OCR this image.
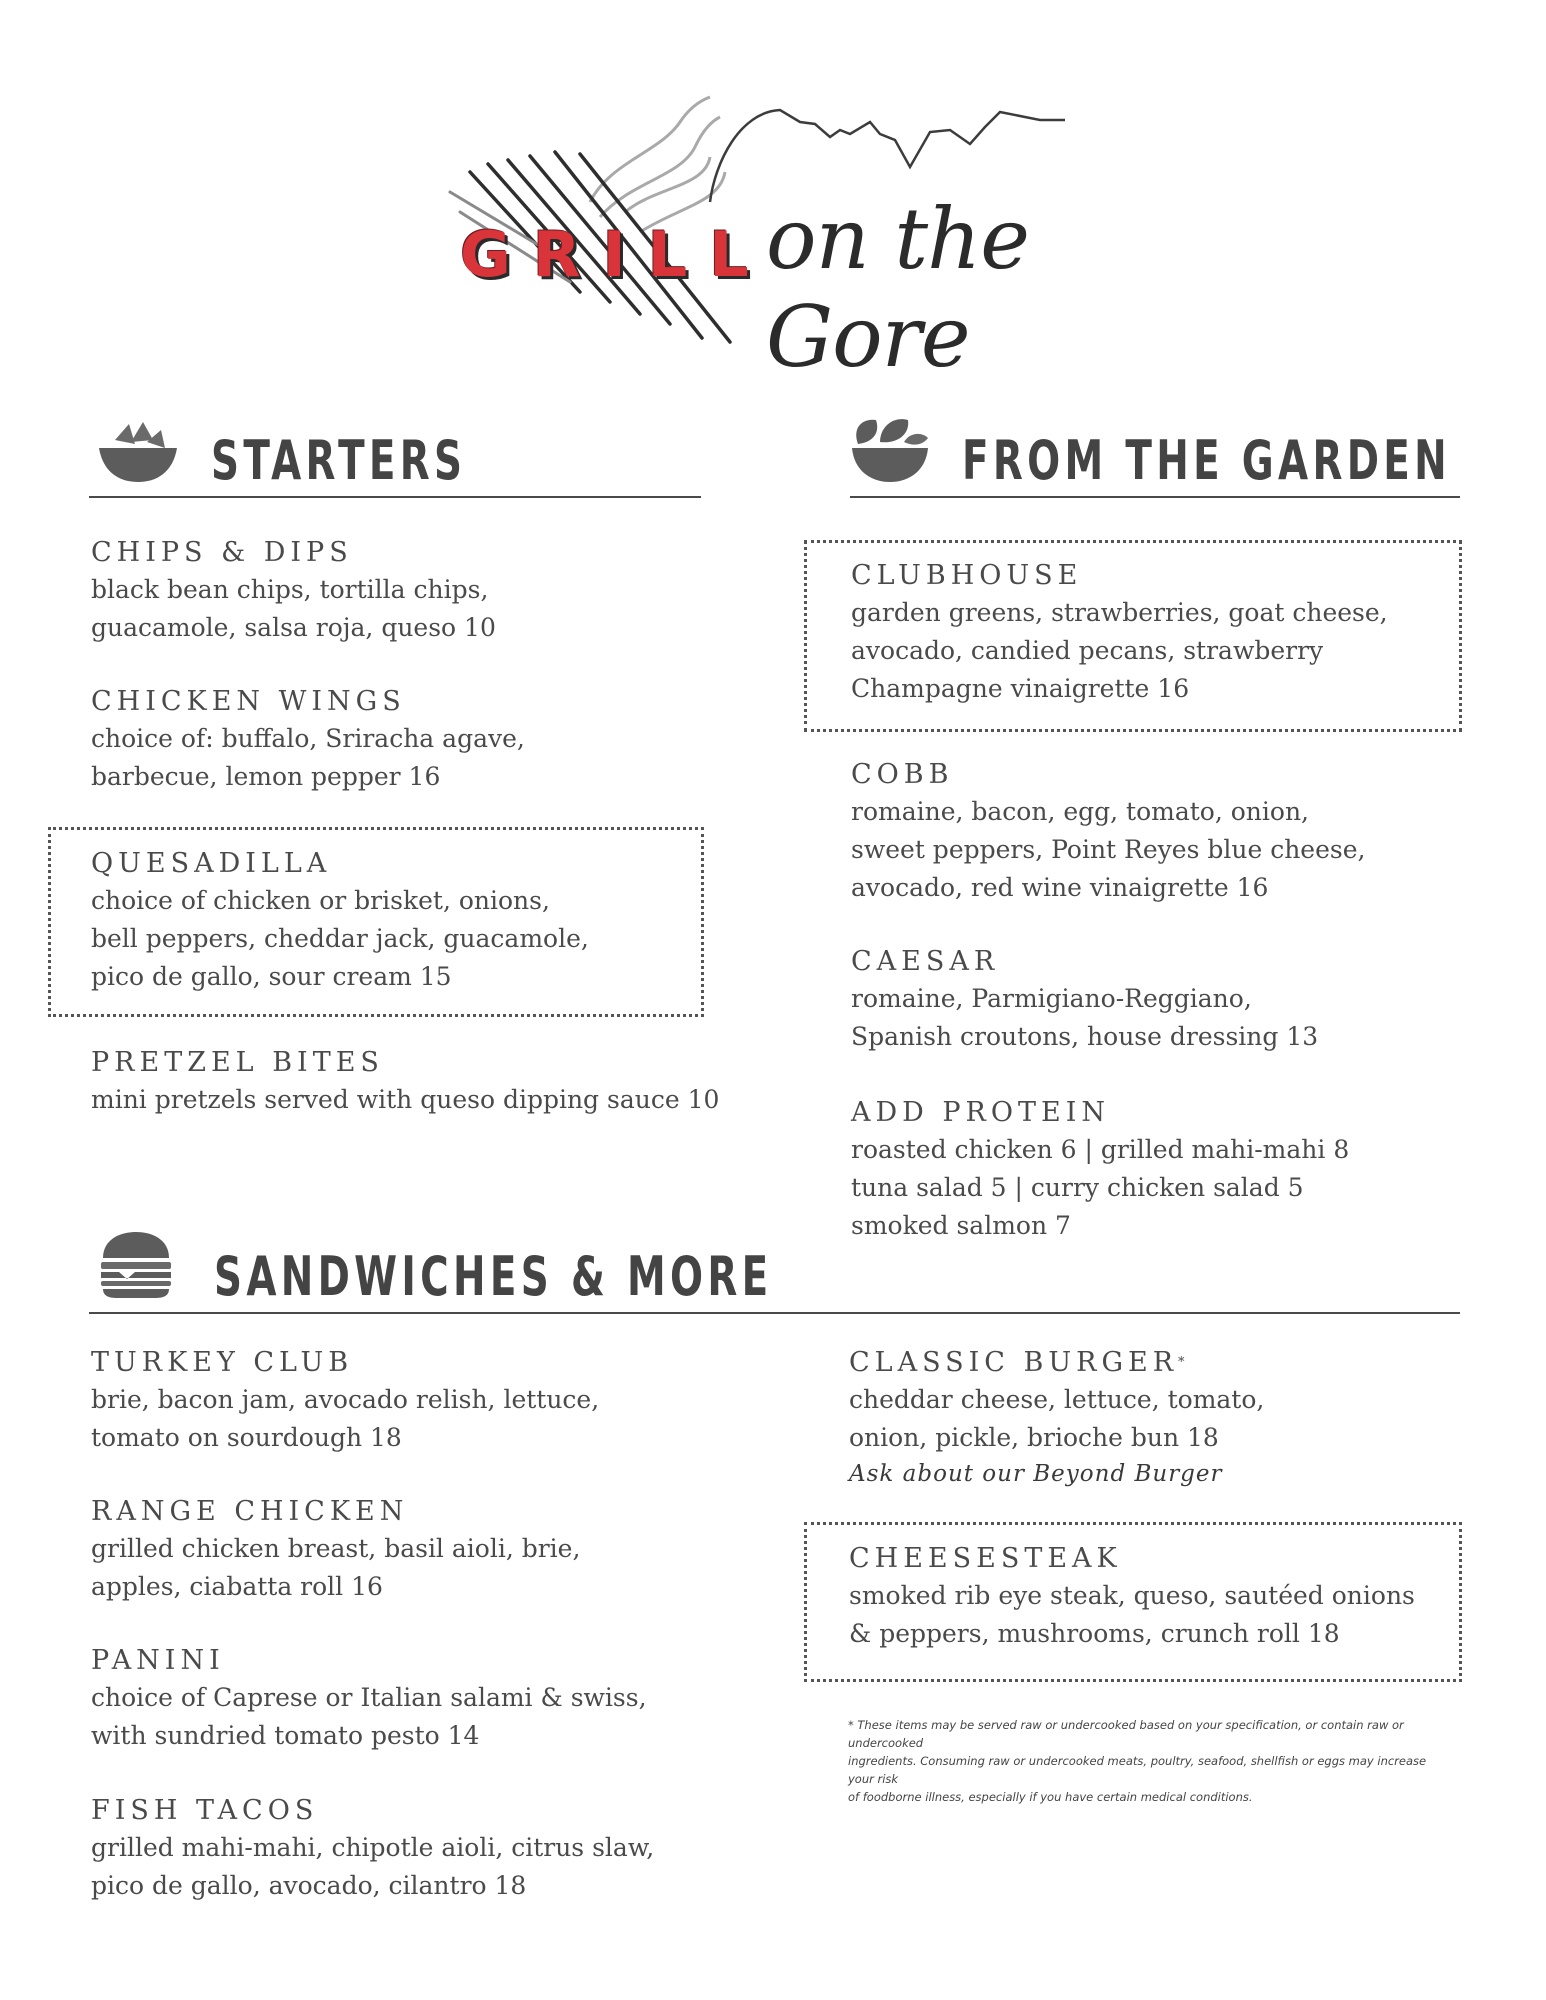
GRILL
on the Gore
STARTERS	FROM THE GARDEN
CHIPS & DIPS
black bean chips, tortilla chips,
guacamole, salsa roja, queso 10
CHICKEN WINGS
choice of: buffalo, Sriracha agave,
barbecue, lemon pepper 16
QUESADILLA
choice of chicken or brisket, onions,
bell peppers, cheddar jack, guacamole,
pico de gallo, sour cream 15
PRETZEL BITES
mini pretzels served with queso dipping sauce 10
CLUBHOUSE
garden greens, strawberries, goat cheese,
avocado, candied pecans, strawberry
Champagne vinaigrette 16
COBB
romaine, bacon, egg, tomato, onion,
sweet peppers, Point Reyes blue cheese,
avocado, red wine vinaigrette 16
CAESAR
romaine, Parmigiano-Reggiano,
Spanish croutons, house dressing 13
ADD PROTEIN
roasted chicken 6 | grilled mahi-mahi 8
tuna salad 5 | curry chicken salad 5
smoked salmon 7
SANDWICHES & MORE
TURKEY CLUB
brie, bacon jam, avocado relish, lettuce,
tomato on sourdough 18
RANGE CHICKEN
grilled chicken breast, basil aioli, brie,
apples, ciabatta roll 16
PANINI
choice of Caprese or Italian salami & swiss,
with sundried tomato pesto 14
FISH TACOS
grilled mahi-mahi, chipotle aioli, citrus slaw,
pico de gallo, avocado, cilantro 18
CLASSIC BURGER*
cheddar cheese, lettuce, tomato,
onion, pickle, brioche bun 18
Ask about our Beyond Burger
CHEESESTEAK
smoked rib eye steak, queso, sautéed onions
& peppers, mushrooms, crunch roll 18
* These items may be served raw or undercooked based on your specification, or contain raw or undercooked
ingredients. Consuming raw or undercooked meats, poultry, seafood, shellfish or eggs may increase your risk
of foodborne illness, especially if you have certain medical conditions.
